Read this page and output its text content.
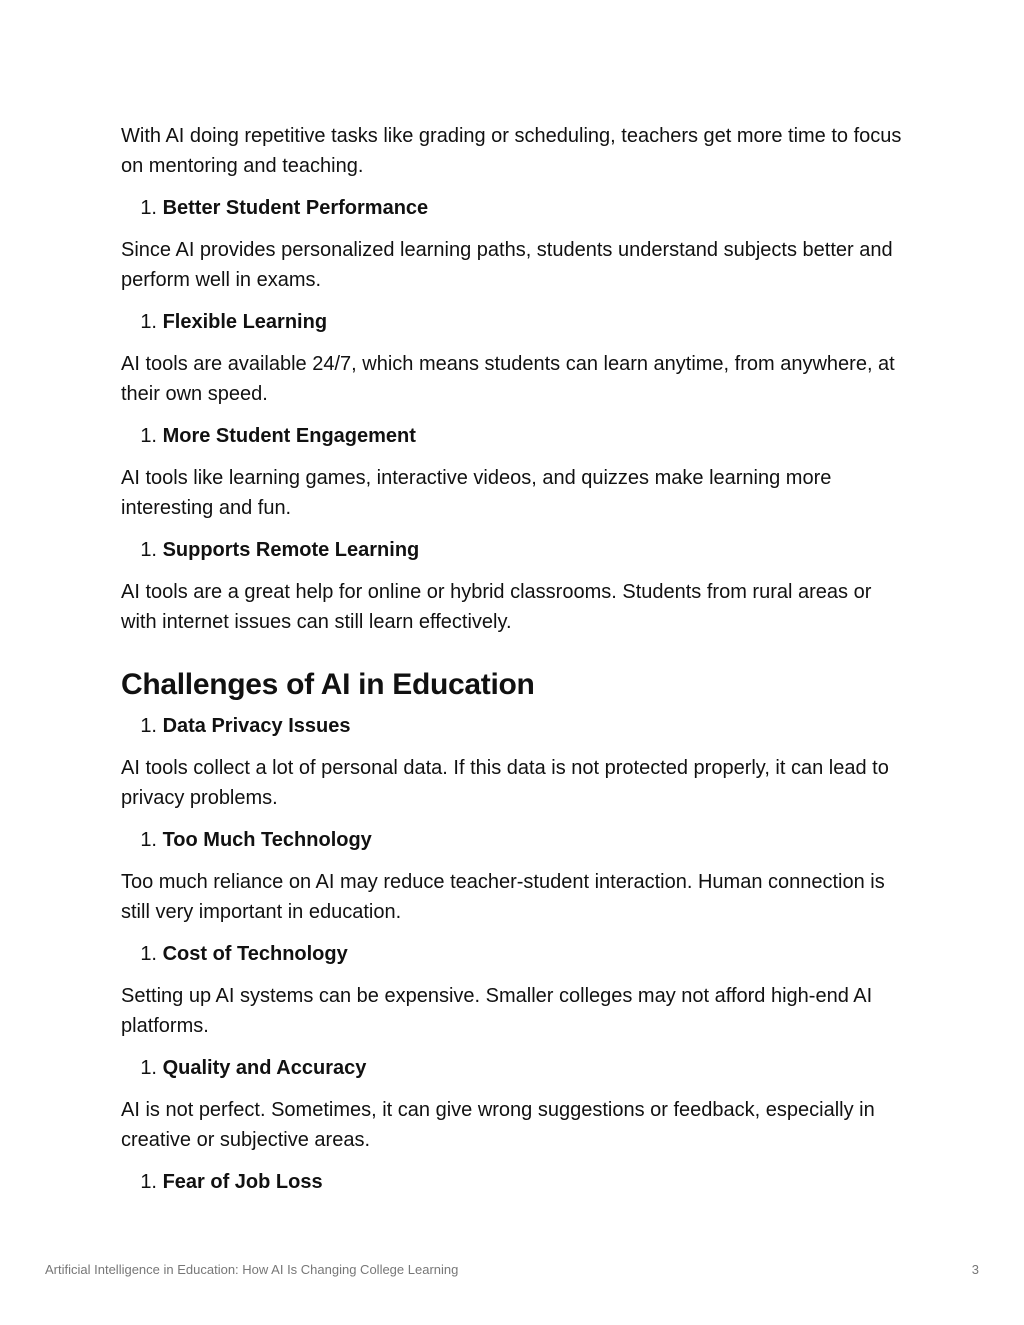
With AI doing repetitive tasks like grading or scheduling, teachers get more time to focus on mentoring and teaching.

1.
Better Student Performance

Since AI provides personalized learning paths, students understand subjects better and perform well in exams.

1.
Flexible Learning

AI tools are available 24/7, which means students can learn anytime, from anywhere, at their own speed.

1.
More Student Engagement

AI tools like learning games, interactive videos, and quizzes make learning more interesting and fun.

1.
Supports Remote Learning

AI tools are a great help for online or hybrid classrooms. Students from rural areas or with internet issues can still learn effectively.

Challenges of AI in Education
1.
Data Privacy Issues

AI tools collect a lot of personal data. If this data is not protected properly, it can lead to privacy problems.

1.
Too Much Technology

Too much reliance on AI may reduce teacher-student interaction. Human connection is still very important in education.

1.
Cost of Technology

Setting up AI systems can be expensive. Smaller colleges may not afford high-end AI platforms.

1.
Quality and Accuracy

AI is not perfect. Sometimes, it can give wrong suggestions or feedback, especially in creative or subjective areas.

1.
Fear of Job Loss
Artificial Intelligence in Education: How AI Is Changing College Learning	3
